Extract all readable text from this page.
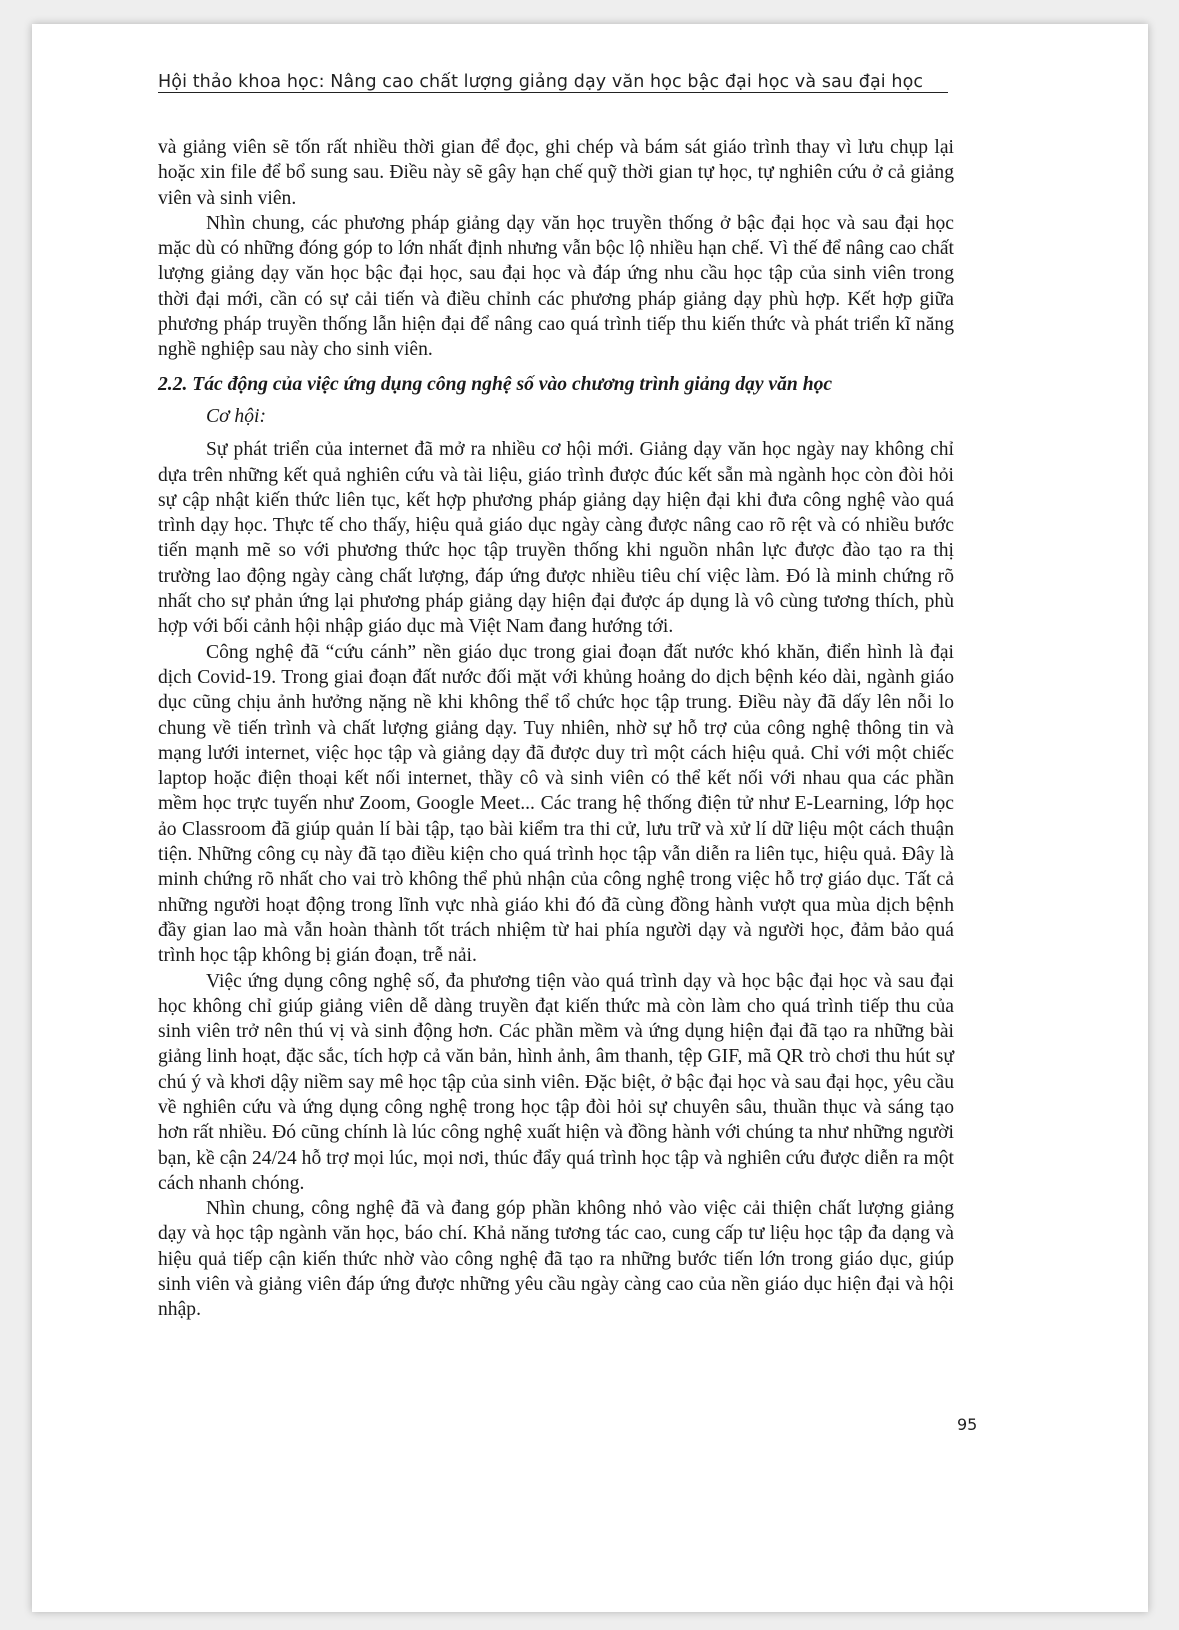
Hội thảo khoa học: Nâng cao chất lượng giảng dạy văn học bậc đại học và sau đại học

và giảng viên sẽ tốn rất nhiều thời gian để đọc, ghi chép và bám sát giáo trình thay vì lưu chụp lại hoặc xin file để bổ sung sau. Điều này sẽ gây hạn chế quỹ thời gian tự học, tự nghiên cứu ở cả giảng viên và sinh viên.

Nhìn chung, các phương pháp giảng dạy văn học truyền thống ở bậc đại học và sau đại học mặc dù có những đóng góp to lớn nhất định nhưng vẫn bộc lộ nhiều hạn chế. Vì thế để nâng cao chất lượng giảng dạy văn học bậc đại học, sau đại học và đáp ứng nhu cầu học tập của sinh viên trong thời đại mới, cần có sự cải tiến và điều chỉnh các phương pháp giảng dạy phù hợp. Kết hợp giữa phương pháp truyền thống lẫn hiện đại để nâng cao quá trình tiếp thu kiến thức và phát triển kĩ năng nghề nghiệp sau này cho sinh viên.

2.2. Tác động của việc ứng dụng công nghệ số vào chương trình giảng dạy văn học

Cơ hội:

Sự phát triển của internet đã mở ra nhiều cơ hội mới. Giảng dạy văn học ngày nay không chỉ dựa trên những kết quả nghiên cứu và tài liệu, giáo trình được đúc kết sẵn mà ngành học còn đòi hỏi sự cập nhật kiến thức liên tục, kết hợp phương pháp giảng dạy hiện đại khi đưa công nghệ vào quá trình dạy học. Thực tế cho thấy, hiệu quả giáo dục ngày càng được nâng cao rõ rệt và có nhiều bước tiến mạnh mẽ so với phương thức học tập truyền thống khi nguồn nhân lực được đào tạo ra thị trường lao động ngày càng chất lượng, đáp ứng được nhiều tiêu chí việc làm. Đó là minh chứng rõ nhất cho sự phản ứng lại phương pháp giảng dạy hiện đại được áp dụng là vô cùng tương thích, phù hợp với bối cảnh hội nhập giáo dục mà Việt Nam đang hướng tới.

Công nghệ đã “cứu cánh” nền giáo dục trong giai đoạn đất nước khó khăn, điển hình là đại dịch Covid-19. Trong giai đoạn đất nước đối mặt với khủng hoảng do dịch bệnh kéo dài, ngành giáo dục cũng chịu ảnh hưởng nặng nề khi không thể tổ chức học tập trung. Điều này đã dấy lên nỗi lo chung về tiến trình và chất lượng giảng dạy. Tuy nhiên, nhờ sự hỗ trợ của công nghệ thông tin và mạng lưới internet, việc học tập và giảng dạy đã được duy trì một cách hiệu quả. Chỉ với một chiếc laptop hoặc điện thoại kết nối internet, thầy cô và sinh viên có thể kết nối với nhau qua các phần mềm học trực tuyến như Zoom, Google Meet... Các trang hệ thống điện tử như E-Learning, lớp học ảo Classroom đã giúp quản lí bài tập, tạo bài kiểm tra thi cử, lưu trữ và xử lí dữ liệu một cách thuận tiện. Những công cụ này đã tạo điều kiện cho quá trình học tập vẫn diễn ra liên tục, hiệu quả. Đây là minh chứng rõ nhất cho vai trò không thể phủ nhận của công nghệ trong việc hỗ trợ giáo dục. Tất cả những người hoạt động trong lĩnh vực nhà giáo khi đó đã cùng đồng hành vượt qua mùa dịch bệnh đầy gian lao mà vẫn hoàn thành tốt trách nhiệm từ hai phía người dạy và người học, đảm bảo quá trình học tập không bị gián đoạn, trễ nải.

Việc ứng dụng công nghệ số, đa phương tiện vào quá trình dạy và học bậc đại học và sau đại học không chỉ giúp giảng viên dễ dàng truyền đạt kiến thức mà còn làm cho quá trình tiếp thu của sinh viên trở nên thú vị và sinh động hơn. Các phần mềm và ứng dụng hiện đại đã tạo ra những bài giảng linh hoạt, đặc sắc, tích hợp cả văn bản, hình ảnh, âm thanh, tệp GIF, mã QR trò chơi thu hút sự chú ý và khơi dậy niềm say mê học tập của sinh viên. Đặc biệt, ở bậc đại học và sau đại học, yêu cầu về nghiên cứu và ứng dụng công nghệ trong học tập đòi hỏi sự chuyên sâu, thuần thục và sáng tạo hơn rất nhiều. Đó cũng chính là lúc công nghệ xuất hiện và đồng hành với chúng ta như những người bạn, kề cận 24/24 hỗ trợ mọi lúc, mọi nơi, thúc đẩy quá trình học tập và nghiên cứu được diễn ra một cách nhanh chóng.

Nhìn chung, công nghệ đã và đang góp phần không nhỏ vào việc cải thiện chất lượng giảng dạy và học tập ngành văn học, báo chí. Khả năng tương tác cao, cung cấp tư liệu học tập đa dạng và hiệu quả tiếp cận kiến thức nhờ vào công nghệ đã tạo ra những bước tiến lớn trong giáo dục, giúp sinh viên và giảng viên đáp ứng được những yêu cầu ngày càng cao của nền giáo dục hiện đại và hội nhập.

95
